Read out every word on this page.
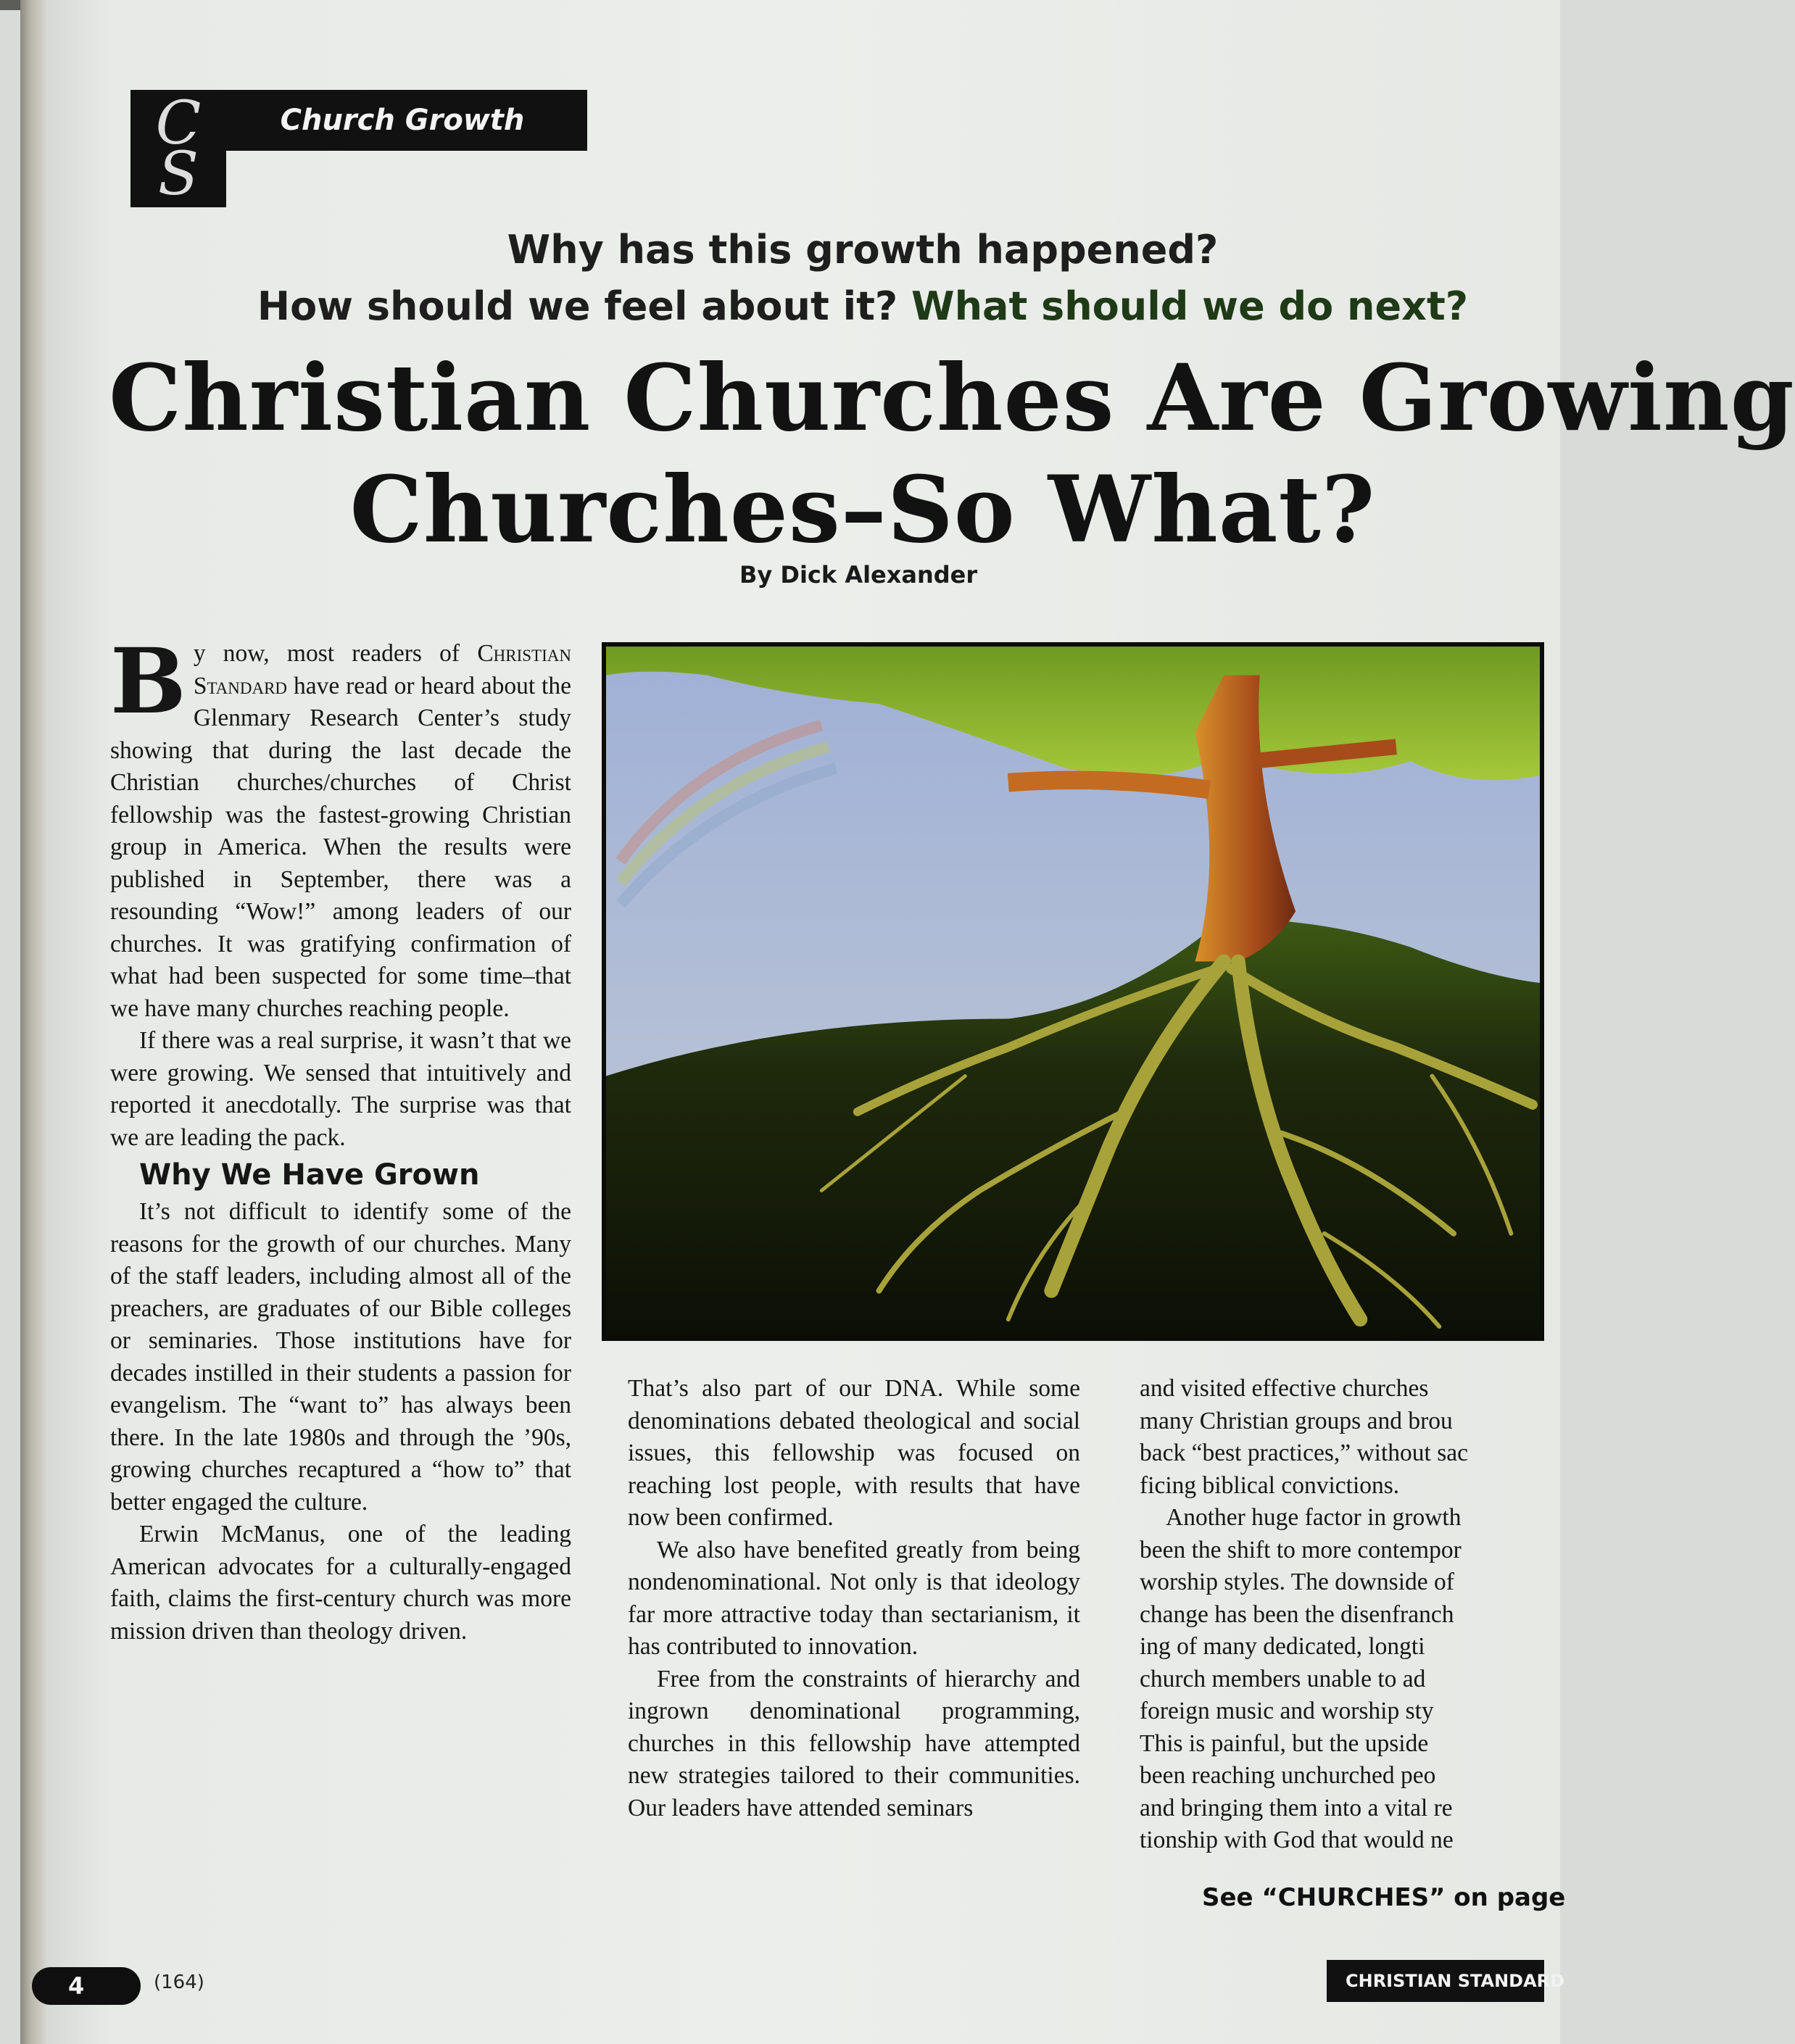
C
S
Church Growth
Why has this growth happened?
How should we feel about it? What should we do next?
Christian Churches Are Growing
Churches–So What?
By Dick Alexander

By now, most readers of Christian Standard have read or heard about the Glenmary Research Center’s study showing that during the last decade the Christian churches/churches of Christ fellowship was the fastest-growing Christian group in America. When the results were published in September, there was a resounding “Wow!” among leaders of our churches. It was gratifying confirmation of what had been suspected for some time–that we have many churches reaching people.

If there was a real surprise, it wasn’t that we were growing. We sensed that intuitively and reported it anecdotally. The surprise was that we are leading the pack.

Why We Have Grown

It’s not difficult to identify some of the reasons for the growth of our churches. Many of the staff leaders, including almost all of the preachers, are graduates of our Bible colleges or seminaries. Those institutions have for decades instilled in their students a passion for evangelism. The “want to” has always been there. In the late 1980s and through the ’90s, growing churches recaptured a “how to” that better engaged the culture.

Erwin McManus, one of the leading American advocates for a culturally-engaged faith, claims the first-century church was more mission driven than theology driven.

That’s also part of our DNA. While some denominations debated theological and social issues, this fellowship was focused on reaching lost people, with results that have now been confirmed.

We also have benefited greatly from being nondenominational. Not only is that ideology far more attractive today than sectarianism, it has contributed to innovation.

Free from the constraints of hierarchy and ingrown denominational programming, churches in this fellowship have attempted new strategies tailored to their communities. Our leaders have attended seminars

and visited effective churches
many Christian groups and brou
back “best practices,” without sac
ficing biblical convictions.
Another huge factor in growth
been the shift to more contempor
worship styles. The downside of
change has been the disenfranch
ing of many dedicated, longti
church members unable to ad
foreign music and worship sty
This is painful, but the upside
been reaching unchurched peo
and bringing them into a vital re
tionship with God that would ne
See “CHURCHES” on page
4	(164)	CHRISTIAN STANDARD
